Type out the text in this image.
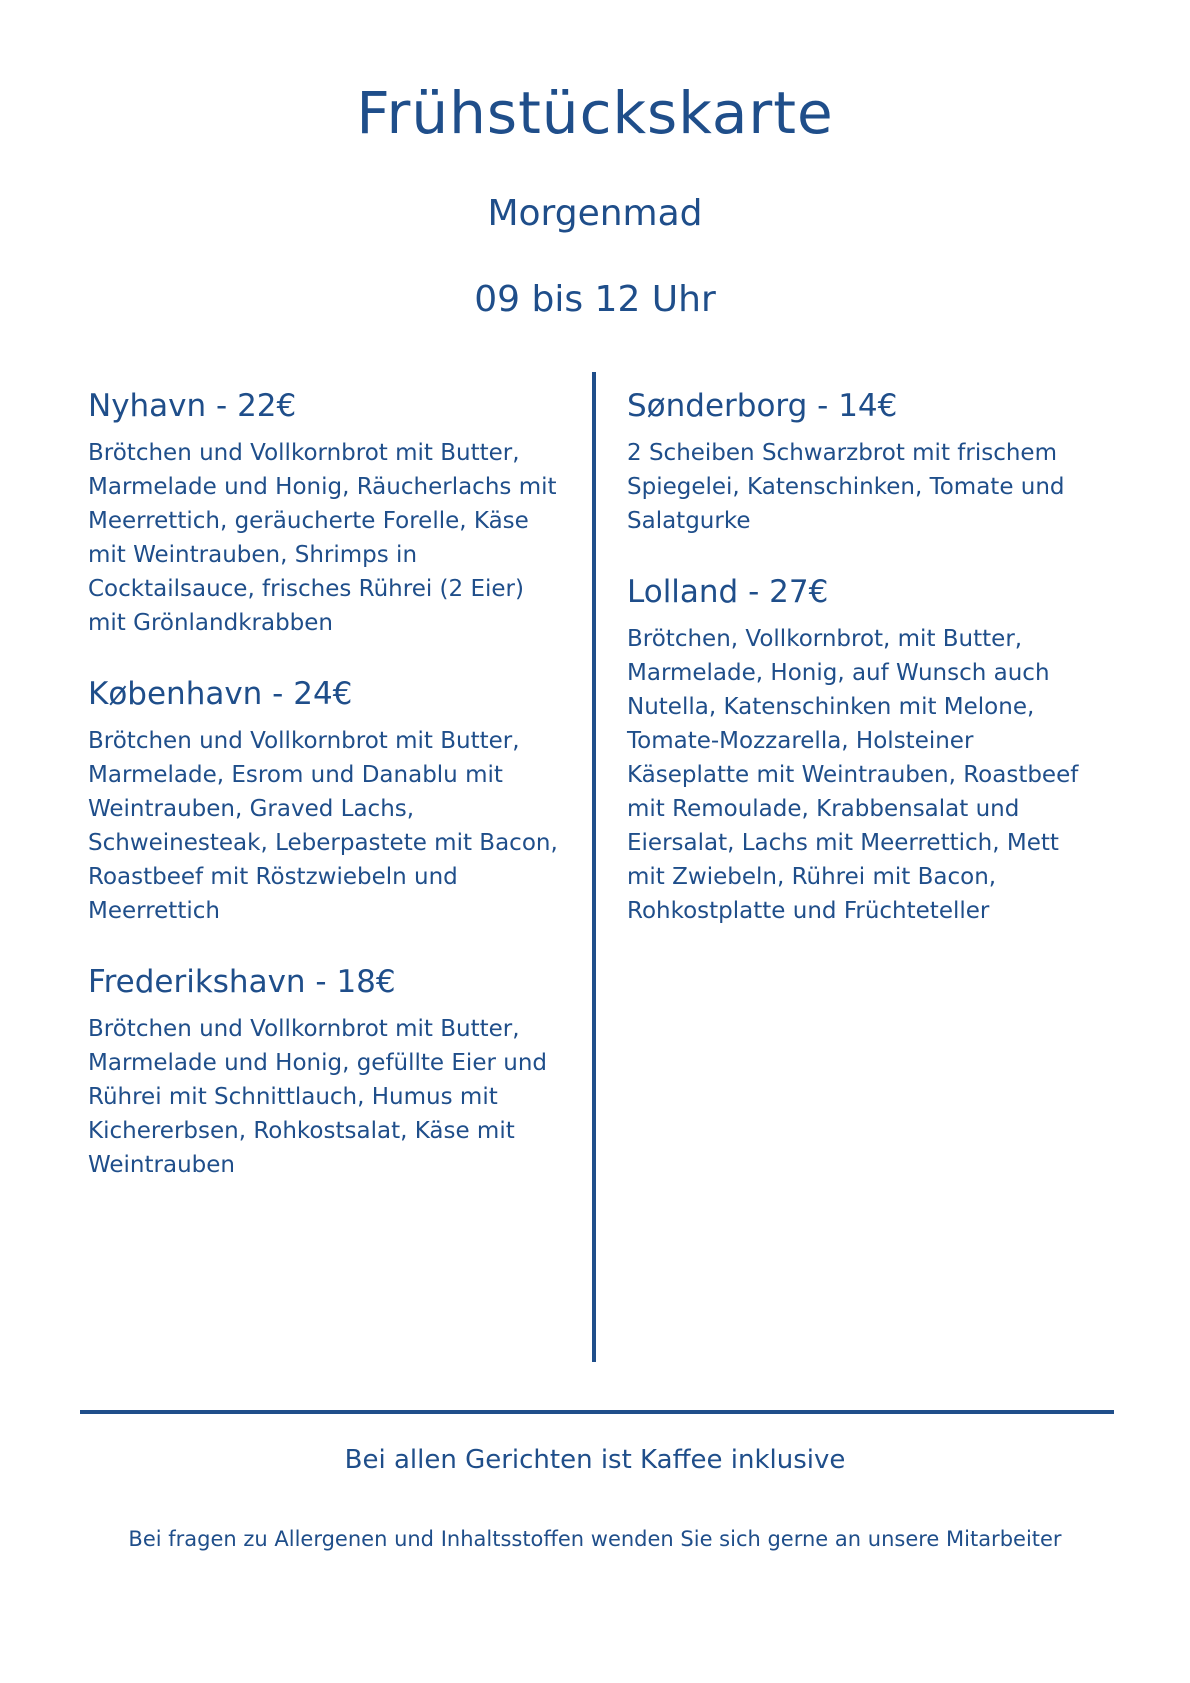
Frühstückskarte
Morgenmad
09 bis 12 Uhr
Nyhavn - 22€

Brötchen und Vollkornbrot mit Butter, Marmelade und Honig, Räucherlachs mit Meerrettich, geräucherte Forelle, Käse mit Weintrauben, Shrimps in Cocktailsauce, frisches Rührei (2 Eier) mit Grönlandkrabben

København - 24€

Brötchen und Vollkornbrot mit Butter, Marmelade, Esrom und Danablu mit Weintrauben, Graved Lachs, Schweinesteak, Leberpastete mit Bacon, Roastbeef mit Röstzwiebeln und Meerrettich

Frederikshavn - 18€

Brötchen und Vollkornbrot mit Butter, Marmelade und Honig, gefüllte Eier und Rührei mit Schnittlauch, Humus mit Kichererbsen, Rohkostsalat, Käse mit Weintrauben

Sønderborg - 14€

2 Scheiben Schwarzbrot mit frischem Spiegelei, Katenschinken, Tomate und Salatgurke

Lolland - 27€

Brötchen, Vollkornbrot, mit Butter, Marmelade, Honig, auf Wunsch auch Nutella, Katenschinken mit Melone, Tomate-Mozzarella, Holsteiner Käseplatte mit Weintrauben, Roastbeef mit Remoulade, Krabbensalat und Eiersalat, Lachs mit Meerrettich, Mett mit Zwiebeln, Rührei mit Bacon, Rohkostplatte und Früchteteller

Bei allen Gerichten ist Kaffee inklusive
Bei fragen zu Allergenen und Inhaltsstoffen wenden Sie sich gerne an unsere Mitarbeiter
